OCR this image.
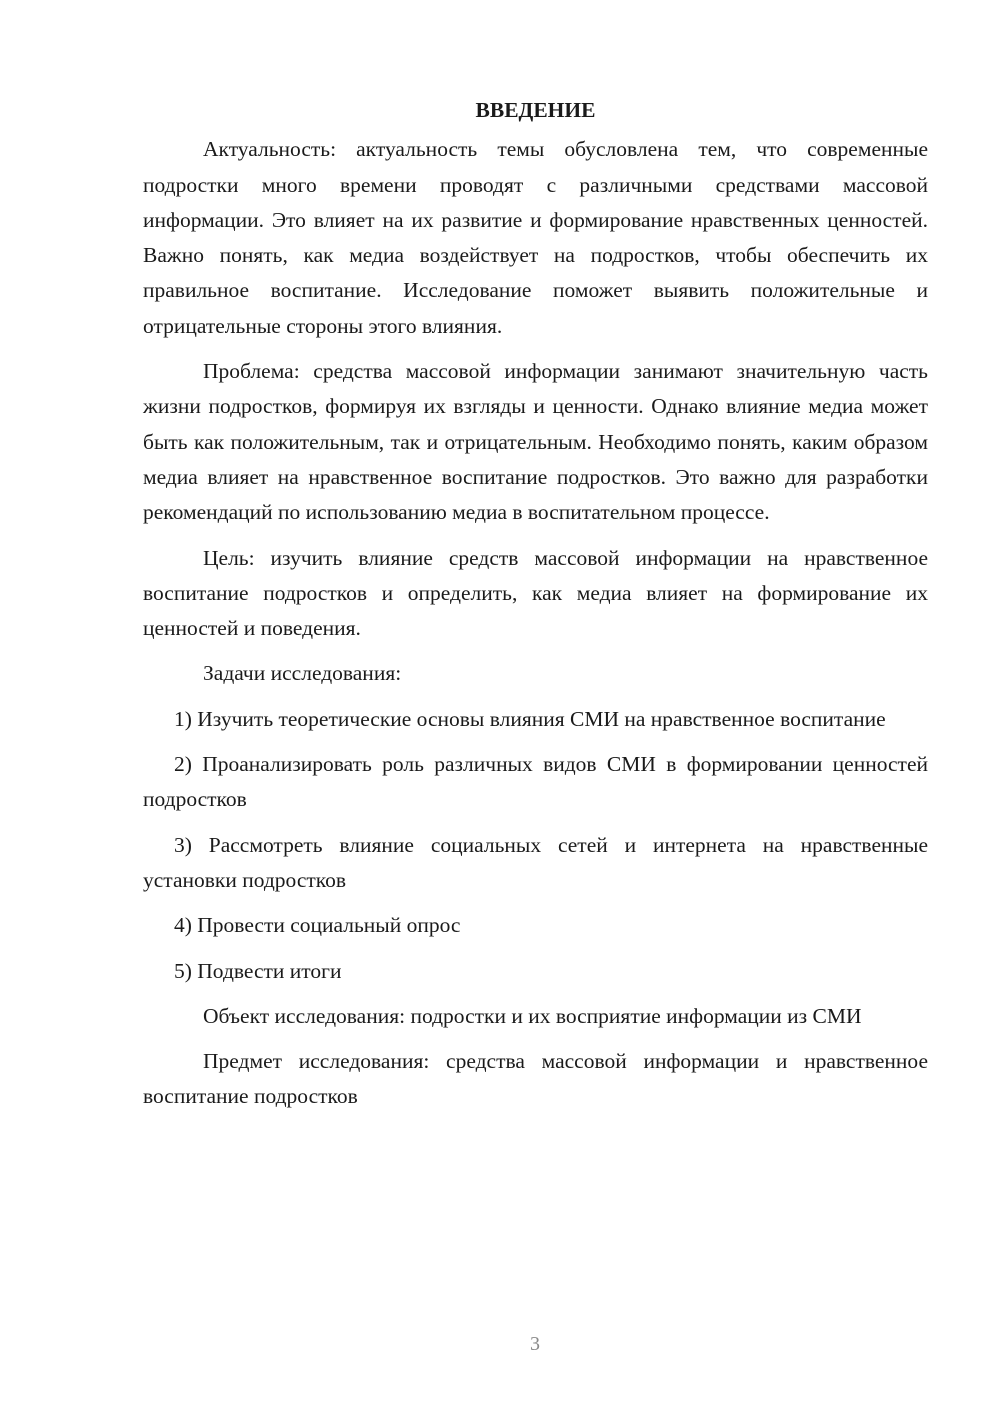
ВВЕДЕНИЕ

Актуальность: актуальность темы обусловлена тем, что современные подростки много времени проводят с различными средствами массовой информации. Это влияет на их развитие и формирование нравственных ценностей. Важно понять, как медиа воздействует на подростков, чтобы обеспечить их правильное воспитание. Исследование поможет выявить положительные и отрицательные стороны этого влияния.

Проблема: средства массовой информации занимают значительную часть жизни подростков, формируя их взгляды и ценности. Однако влияние медиа может быть как положительным, так и отрицательным. Необходимо понять, каким образом медиа влияет на нравственное воспитание подростков. Это важно для разработки рекомендаций по использованию медиа в воспитательном процессе.

Цель: изучить влияние средств массовой информации на нравственное воспитание подростков и определить, как медиа влияет на формирование их ценностей и поведения.

Задачи исследования:

1) Изучить теоретические основы влияния СМИ на нравственное воспитание

2) Проанализировать роль различных видов СМИ в формировании ценностей подростков

3) Рассмотреть влияние социальных сетей и интернета на нравственные установки подростков

4) Провести социальный опрос

5) Подвести итоги

Объект исследования: подростки и их восприятие информации из СМИ

Предмет исследования: средства массовой информации и нравственное воспитание подростков

3
